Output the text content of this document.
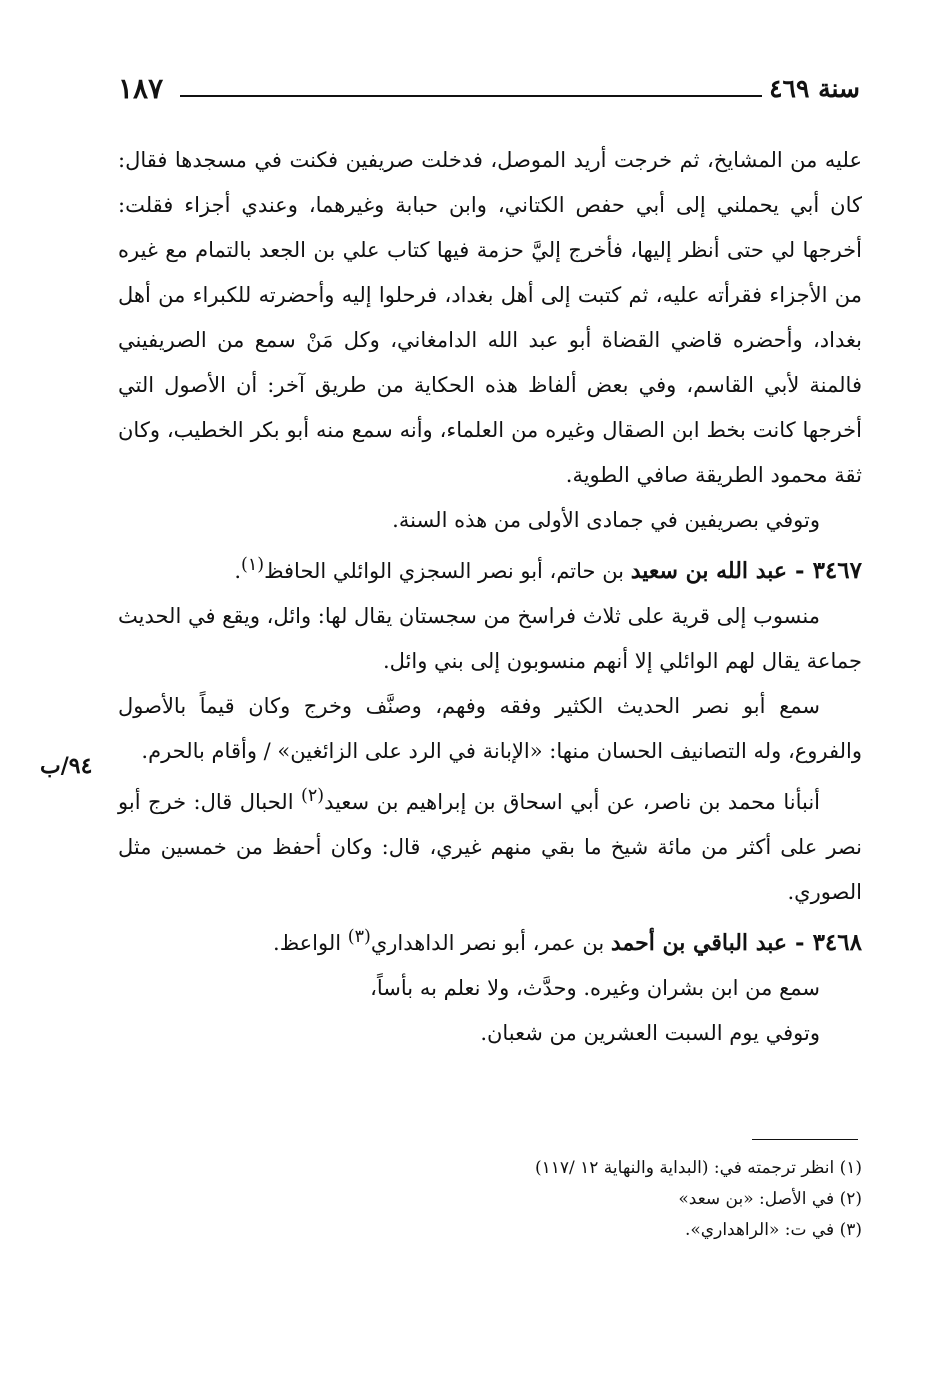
سنة ٤٦٩
١٨٧

عليه من المشايخ، ثم خرجت أريد الموصل، فدخلت صريفين فكنت في مسجدها فقال: كان أبي يحملني إلى أبي حفص الكتاني، وابن حبابة وغيرهما، وعندي أجزاء فقلت: أخرجها لي حتى أنظر إليها، فأخرج إليَّ حزمة فيها كتاب علي بن الجعد بالتمام مع غيره من الأجزاء فقرأته عليه، ثم كتبت إلى أهل بغداد، فرحلوا إليه وأحضرته للكبراء من أهل بغداد، وأحضره قاضي القضاة أبو عبد الله الدامغاني، وكل مَنْ سمع من الصريفيني فالمنة لأبي القاسم، وفي بعض ألفاظ هذه الحكاية من طريق آخر: أن الأصول التي أخرجها كانت بخط ابن الصقال وغيره من العلماء، وأنه سمع منه أبو بكر الخطيب، وكان ثقة محمود الطريقة صافي الطوية.

وتوفي بصريفين في جمادى الأولى من هذه السنة.

٣٤٦٧ - عبد الله بن سعيد بن حاتم، أبو نصر السجزي الوائلي الحافظ$^{(١)}$.

منسوب إلى قرية على ثلاث فراسخ من سجستان يقال لها: وائل، ويقع في الحديث جماعة يقال لهم الوائلي إلا أنهم منسوبون إلى بني وائل.

سمع أبو نصر الحديث الكثير وفقه وفهم، وصنَّف وخرج وكان قيماً بالأصول والفروع، وله التصانيف الحسان منها: «الإبانة في الرد على الزائغين» / وأقام بالحرم.

أنبأنا محمد بن ناصر، عن أبي اسحاق بن إبراهيم بن سعيد$^{(٢)}$ الحبال قال: خرج أبو نصر على أكثر من مائة شيخ ما بقي منهم غيري، قال: وكان أحفظ من خمسين مثل الصوري.

٣٤٦٨ - عبد الباقي بن أحمد بن عمر، أبو نصر الداهداري$^{(٣)}$ الواعظ.

سمع من ابن بشران وغيره. وحدَّث، ولا نعلم به بأساً،

وتوفي يوم السبت العشرين من شعبان.

٩٤/ب

(١) انظر ترجمته في: (البداية والنهاية ١٢ /١١٧)

(٢) في الأصل: «بن سعد»

(٣) في ت: «الراهداري».
